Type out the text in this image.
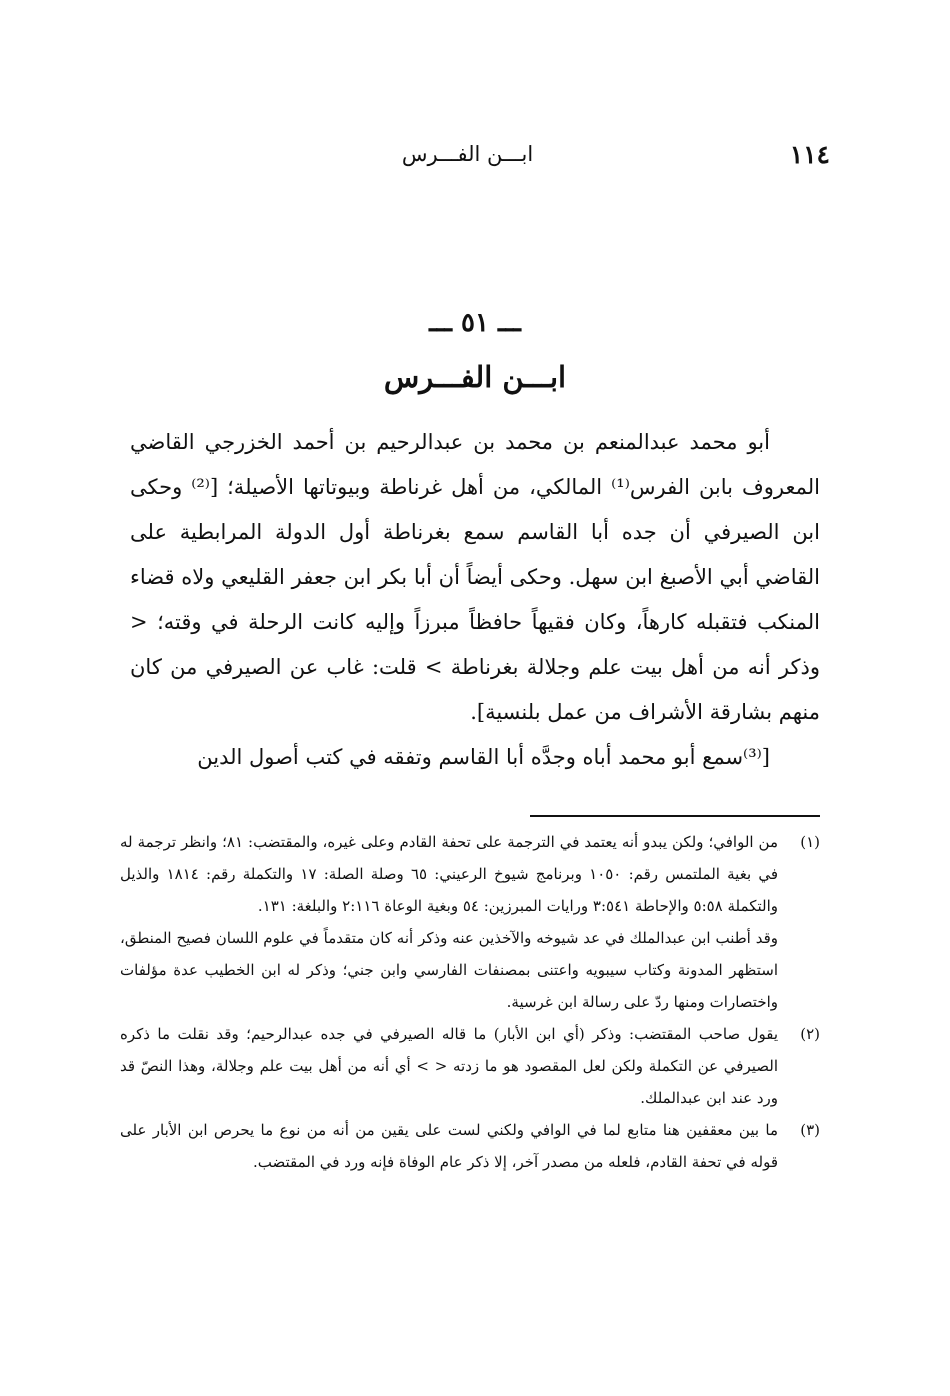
١١٤
ابـــن الفـــرس
ـــ ٥١ ـــ
ابـــن الفـــرس

أبو محمد عبدالمنعم بن محمد بن عبدالرحيم بن أحمد الخزرجي القاضي المعروف بابن الفرس⁽¹⁾ المالكي، من أهل غرناطة وبيوتاتها الأصيلة؛ [⁽²⁾ وحكى ابن الصيرفي أن جده أبا القاسم سمع بغرناطة أول الدولة المرابطية على القاضي أبي الأصبغ ابن سهل. وحكى أيضاً أن أبا بكر ابن جعفر القليعي ولاه قضاء المنكب فتقبله كارهاً، وكان فقيهاً حافظاً مبرزاً وإليه كانت الرحلة في وقته؛ < وذكر أنه من أهل بيت علم وجلالة بغرناطة > قلت: غاب عن الصيرفي من كان منهم بشارقة الأشراف من عمل بلنسية].

[⁽³⁾سمع أبو محمد أباه وجدَّه أبا القاسم وتفقه في كتب أصول الدين

(١)
من الوافي؛ ولكن يبدو أنه يعتمد في الترجمة على تحفة القادم وعلى غيره، والمقتضب: ٨١؛ وانظر ترجمة له في بغية الملتمس رقم: ١٠٥٠ وبرنامج شيوخ الرعيني: ٦٥ وصلة الصلة: ١٧ والتكملة رقم: ١٨١٤ والذيل والتكملة ٥:٥٨ والإحاطة ٣:٥٤١ ورايات المبرزين: ٥٤ وبغية الوعاة ٢:١١٦ والبلغة: ١٣١.
وقد أطنب ابن عبدالملك في عد شيوخه والآخذين عنه وذكر أنه كان متقدماً في علوم اللسان فصيح المنطق، استظهر المدونة وكتاب سيبويه واعتنى بمصنفات الفارسي وابن جني؛ وذكر له ابن الخطيب عدة مؤلفات واختصارات ومنها ردّ على رسالة ابن غرسية.
(٢)
يقول صاحب المقتضب: وذكر (أي ابن الأبار) ما قاله الصيرفي في جده عبدالرحيم؛ وقد نقلت ما ذكره الصيرفي عن التكملة ولكن لعل المقصود هو ما زدته < > أي أنه من أهل بيت علم وجلالة، وهذا النصّ قد ورد عند ابن عبدالملك.
(٣)
ما بين معقفين هنا متابع لما في الوافي ولكني لست على يقين من أنه من نوع ما يحرص ابن الأبار على قوله في تحفة القادم، فلعله من مصدر آخر، إلا ذكر عام الوفاة فإنه ورد في المقتضب.
